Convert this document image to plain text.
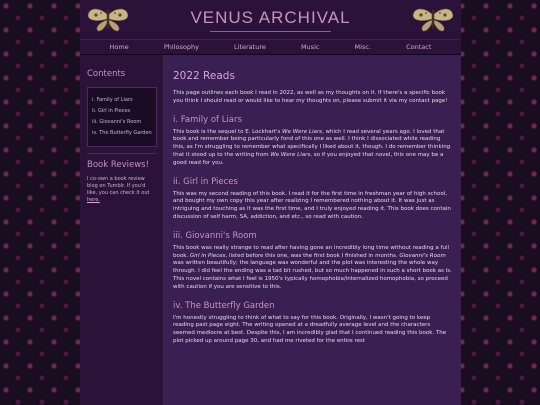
VENUS ARCHIVAL
Home	Philosophy	Literature	Music	Misc.	Contact
Contents
i. Family of Liars
ii. Girl in Pieces
iii. Giovanni's Room
iv. The Butterfly Garden
Book Reviews!
I co-own a book review blog on Tumblr. If you'd like, you can check it out here.
2022 Reads

This page outlines each book I read in 2022, as well as my thoughts on it. If there's a specific book you think I should read or would like to hear my thoughts on, please submit it via my contact page!

i. Family of Liars

This book is the sequel to E. Lockhart's We Were Liars, which I read several years ago. I loved that book and remember being particularly fond of this one as well. I think I dissociated while reading this, as I'm struggling to remember what specifically I liked about it, though. I do remember thinking that it stood up to the writing from We Were Liars, so if you enjoyed that novel, this one may be a good read for you.

ii. Girl in Pieces

This was my second reading of this book. I read it for the first time in freshman year of high school, and bought my own copy this year after realizing I remembered nothing about it. It was just as intriguing and touching as it was the first time, and I truly enjoyed reading it. This book does contain discussion of self harm, SA, addiction, and etc., so read with caution.

iii. Giovanni's Room

This book was really strange to read after having gone an incredibly long time without reading a full book. Girl in Pieces, listed before this one, was the first book I finished in months. Giovanni's Room was written beautifully; the language was wonderful and the plot was interesting the whole way through. I did feel the ending was a tad bit rushed, but so much happened in such a short book as is. This novel contains what I feel is 1950's typically homophobia/internalized homophobia, so proceed with caution if you are sensitive to this.

iv. The Butterfly Garden

I'm honestly struggling to think of what to say for this book. Originally, I wasn't going to keep reading past page eight. The writing opened at a dreadfully average level and the characters seemed mediocre at best. Despite this, I am incredibly glad that I continued reading this book. The plot picked up around page 30, and had me riveted for the entire rest
